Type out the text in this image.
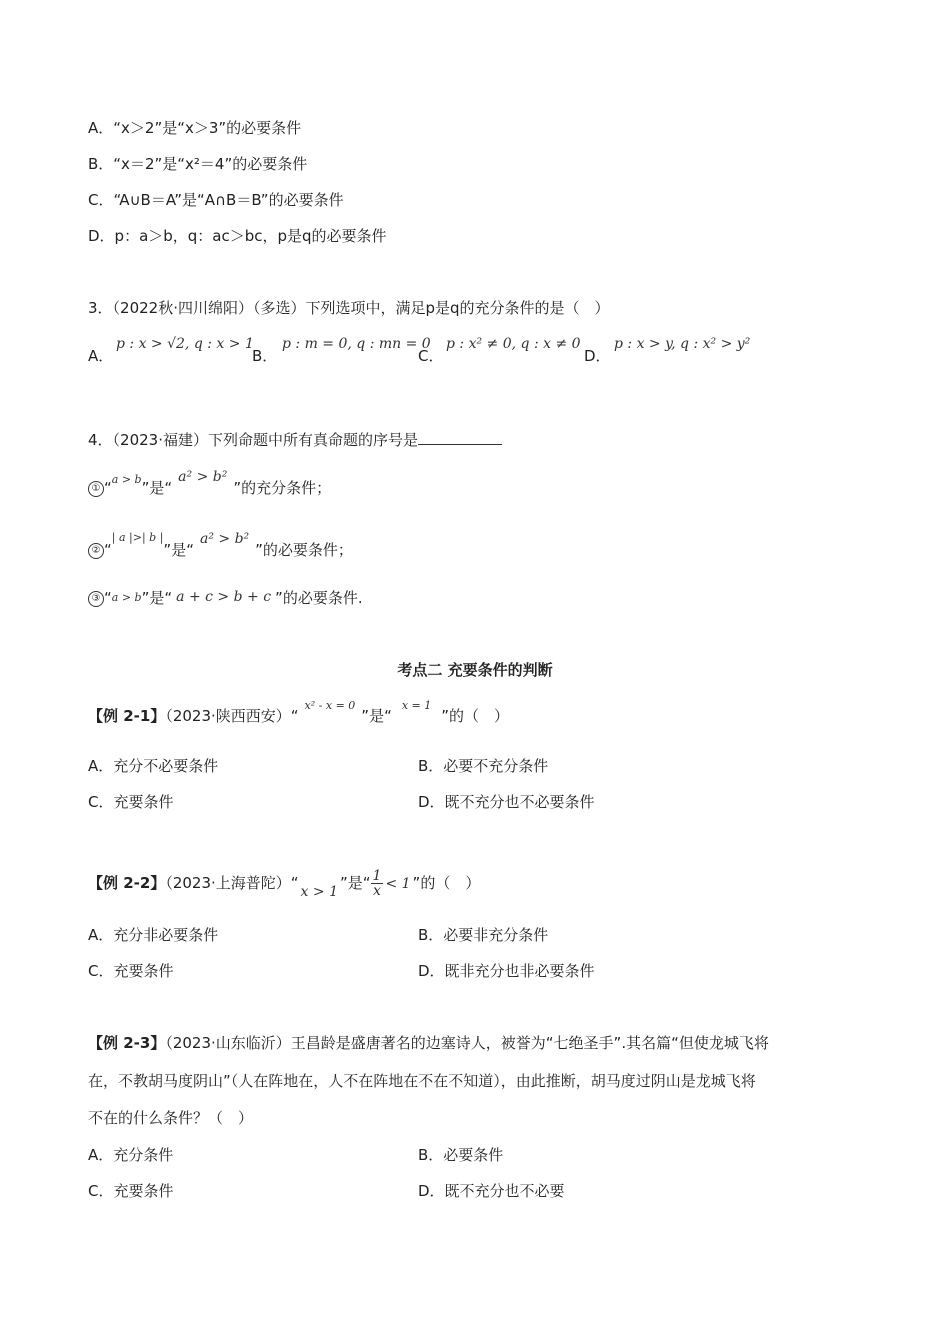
A．“x＞2”是“x＞3”的必要条件
B．“x＝2”是“x²＝4”的必要条件
C．“A∪B＝A”是“A∩B＝B”的必要条件
D．p：a＞b，q：ac＞bc，p是q的必要条件
3．（2022秋·四川绵阳）（多选）下列选项中，满足p是q的充分条件的是（　）
A．
p : x > √2, q : x > 1
B．
p : m = 0, q : mn = 0
C．
p : x² ≠ 0, q : x ≠ 0
D．
p : x > y, q : x² > y²
4．（2023·福建）下列命题中所有真命题的序号是
① “$^{a > b}$”是“a² > b²”的充分条件；
② “$^{| a |>| b |}$”是“a² > b²”的必要条件；
③ “a > b”是“ a + c > b + c ”的必要条件.
考点二 充要条件的判断
【例 2-1】（2023·陕西西安）“$^{x^2 - x = 0}$”是“$^{x = 1}$”的（　）
A．充分不必要条件	B．必要不充分条件
C．充要条件	D．既不充分也不必要条件
【例 2-2】（2023·上海普陀）“ x > 1 ”是“ $\frac{1}{x} < 1$ ”的（　）
A．充分非必要条件	B．必要非充分条件
C．充要条件	D．既非充分也非必要条件
【例 2-3】（2023·山东临沂）王昌龄是盛唐著名的边塞诗人，被誉为“七绝圣手”.其名篇“但使龙城飞将
在，不教胡马度阴山”（人在阵地在，人不在阵地在不在不知道），由此推断，胡马度过阴山是龙城飞将
不在的什么条件？（　）
A．充分条件	B．必要条件
C．充要条件	D．既不充分也不必要
